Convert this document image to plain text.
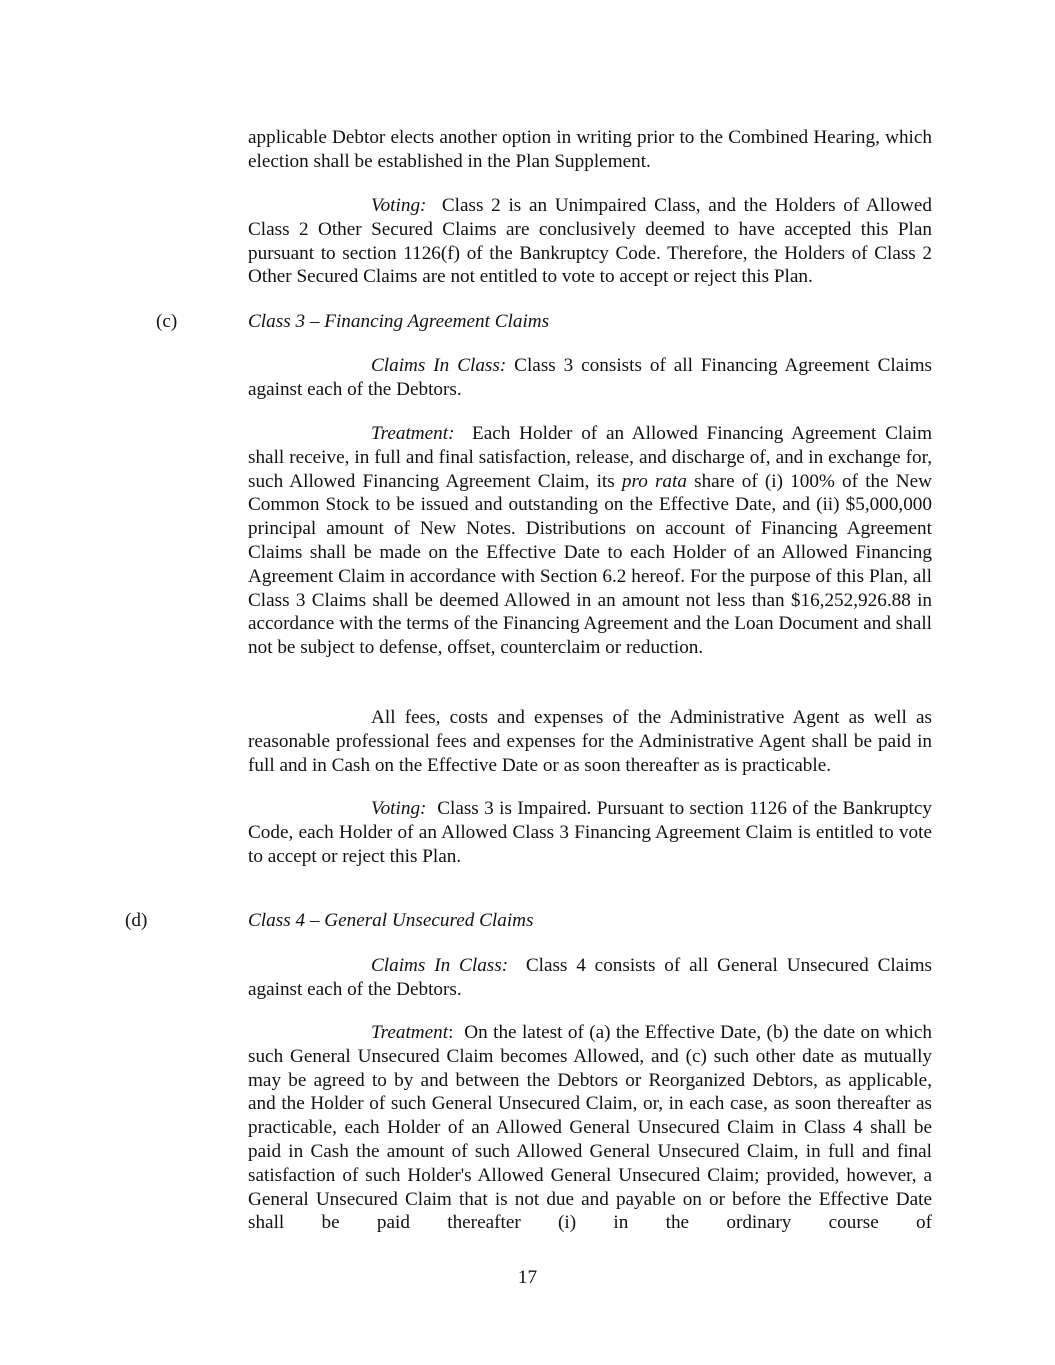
applicable Debtor elects another option in writing prior to the Combined Hearing, which election shall be established in the Plan Supplement.

Voting: Class 2 is an Unimpaired Class, and the Holders of Allowed Class 2 Other Secured Claims are conclusively deemed to have accepted this Plan pursuant to section 1126(f) of the Bankruptcy Code. Therefore, the Holders of Class 2 Other Secured Claims are not entitled to vote to accept or reject this Plan.

(c)	Class 3 – Financing Agreement Claims

Claims In Class: Class 3 consists of all Financing Agreement Claims against each of the Debtors.

Treatment: Each Holder of an Allowed Financing Agreement Claim shall receive, in full and final satisfaction, release, and discharge of, and in exchange for, such Allowed Financing Agreement Claim, its pro rata share of (i) 100% of the New Common Stock to be issued and outstanding on the Effective Date, and (ii) $5,000,000 principal amount of New Notes. Distributions on account of Financing Agreement Claims shall be made on the Effective Date to each Holder of an Allowed Financing Agreement Claim in accordance with Section 6.2 hereof. For the purpose of this Plan, all Class 3 Claims shall be deemed Allowed in an amount not less than $16,252,926.88 in accordance with the terms of the Financing Agreement and the Loan Document and shall not be subject to defense, offset, counterclaim or reduction.

All fees, costs and expenses of the Administrative Agent as well as reasonable professional fees and expenses for the Administrative Agent shall be paid in full and in Cash on the Effective Date or as soon thereafter as is practicable.

Voting: Class 3 is Impaired. Pursuant to section 1126 of the Bankruptcy Code, each Holder of an Allowed Class 3 Financing Agreement Claim is entitled to vote to accept or reject this Plan.

(d)	Class 4 – General Unsecured Claims

Claims In Class: Class 4 consists of all General Unsecured Claims against each of the Debtors.

Treatment: On the latest of (a) the Effective Date, (b) the date on which such General Unsecured Claim becomes Allowed, and (c) such other date as mutually may be agreed to by and between the Debtors or Reorganized Debtors, as applicable, and the Holder of such General Unsecured Claim, or, in each case, as soon thereafter as practicable, each Holder of an Allowed General Unsecured Claim in Class 4 shall be paid in Cash the amount of such Allowed General Unsecured Claim, in full and final satisfaction of such Holder's Allowed General Unsecured Claim; provided, however, a General Unsecured Claim that is not due and payable on or before the Effective Date shall be paid thereafter (i) in the ordinary course of

17
